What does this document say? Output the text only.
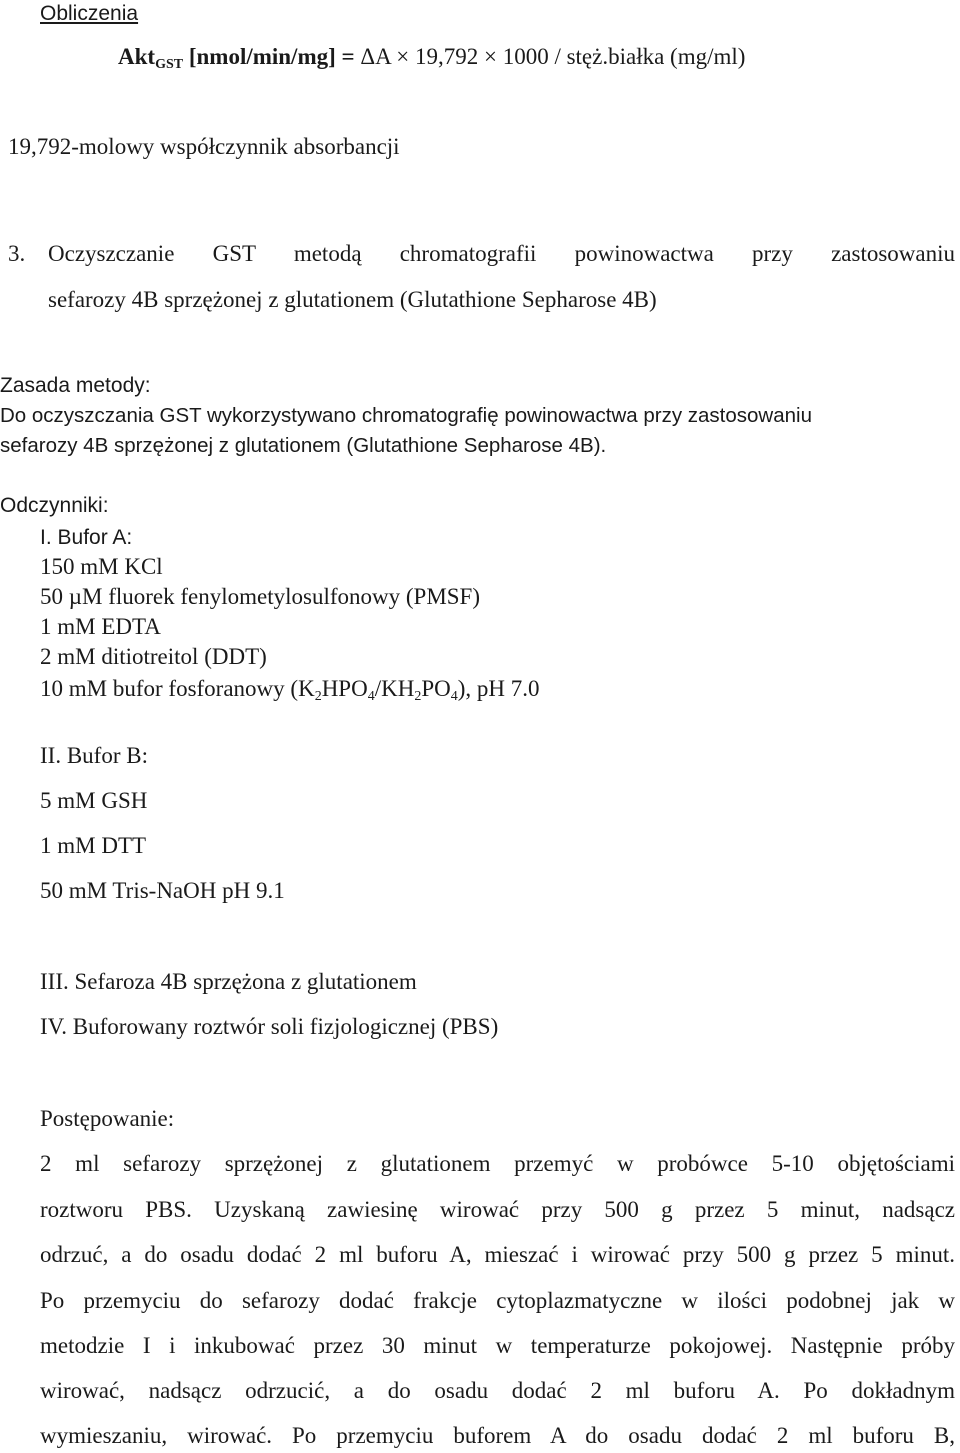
Obliczenia
Akt$_{GST}$ [nmol/min/mg] = ΔA × 19,792 × 1000 / stęż.białka (mg/ml)
19,792-molowy współczynnik absorbancji
3. Oczyszczanie GST metodą chromatografii powinowactwa przy zastosowaniu
sefarozy 4B sprzężonej z glutationem (Glutathione Sepharose 4B)
Zasada metody:
Do oczyszczania GST wykorzystywano chromatografię powinowactwa przy zastosowaniu
sefarozy 4B sprzężonej z glutationem (Glutathione Sepharose 4B).
Odczynniki:
I. Bufor A:
150 mM KCl
50 µM fluorek fenylometylosulfonowy (PMSF)
1 mM EDTA
2 mM ditiotreitol (DDT)
10 mM bufor fosforanowy $(K_2HPO_4/KH_2PO_4)$, pH 7.0
II. Bufor B:
5 mM GSH
1 mM DTT
50 mM Tris-NaOH pH 9.1
III. Sefaroza 4B sprzężona z glutationem
IV. Buforowany roztwór soli fizjologicznej (PBS)
Postępowanie:
2 ml sefarozy sprzężonej z glutationem przemyć w probówce 5-10 objętościami
roztworu PBS. Uzyskaną zawiesinę wirować przy 500 g przez 5 minut, nadsącz
odrzuć, a do osadu dodać 2 ml buforu A, mieszać i wirować przy 500 g przez 5 minut.
Po przemyciu do sefarozy dodać frakcje cytoplazmatyczne w ilości podobnej jak w
metodzie I i inkubować przez 30 minut w temperaturze pokojowej. Następnie próby
wirować, nadsącz odrzucić, a do osadu dodać 2 ml buforu A. Po dokładnym
wymieszaniu, wirować. Po przemyciu buforem A do osadu dodać 2 ml buforu B,
